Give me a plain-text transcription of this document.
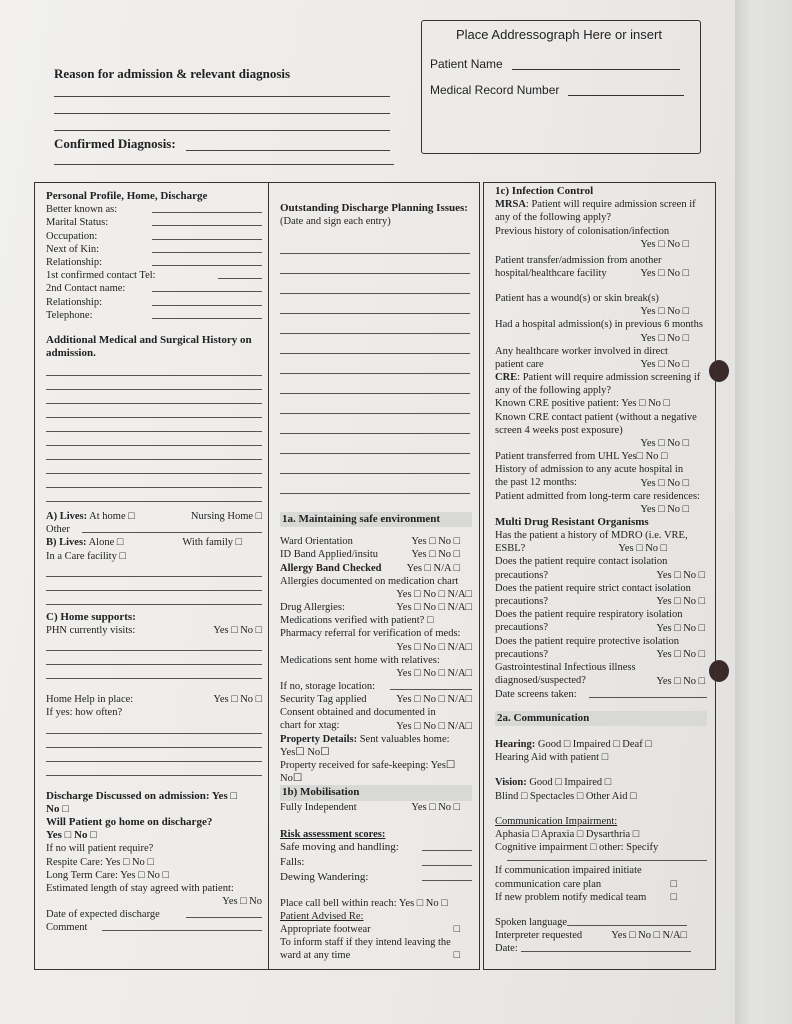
Reason for admission & relevant diagnosis
Confirmed Diagnosis:
Place Addressograph Here or insert
Patient Name
Medical Record Number
Personal Profile, Home, Discharge
Better known as:
Marital Status:
Occupation:
Next of Kin:
Relationship:
1st confirmed contact Tel:
2nd Contact name:
Relationship:
Telephone:
Additional Medical and Surgical History on admission.
A) Lives: At home □	Nursing Home □
Other
B) Lives: Alone □	With family □
In a Care facility □
C) Home supports:
PHN currently visits:	Yes □ No □
Home Help in place:	Yes □ No □
If yes: how often?
Discharge Discussed on admission: Yes □
No □
Will Patient go home on discharge?
Yes □ No □
If no will patient require?
Respite Care: Yes □ No □
Long Term Care: Yes □ No □
Estimated length of stay agreed with patient:
Yes □ No
Date of expected discharge
Comment
Outstanding Discharge Planning Issues:
(Date and sign each entry)
1a. Maintaining safe environment
Ward Orientation	Yes □ No □
ID Band Applied/insitu	Yes □ No □
Allergy Band Checked Yes □ N/A □
Allergies documented on medication chart
Yes □ No □ N/A□
Drug Allergies:	Yes □ No □ N/A□
Medications verified with patient? □
Pharmacy referral for verification of meds:
Yes □ No □ N/A□
Medications sent home with relatives:
Yes □ No □ N/A□
If no, storage location:
Security Tag applied	Yes □ No □ N/A□
Consent obtained and documented in chart for xtag:	Yes □ No □ N/A□
Property Details: Sent valuables home:
Yes☐ No☐
Property received for safe-keeping: Yes☐
No☐
1b) Mobilisation
Fully Independent	Yes □ No □
Risk assessment scores:
Safe moving and handling:
Falls:
Dewing Wandering:
Place call bell within reach: Yes □ No □
Patient Advised Re:
Appropriate footwear	□
To inform staff if they intend leaving the ward at any time	□
1c) Infection Control
MRSA: Patient will require admission screen if any of the following apply?
Previous history of colonisation/infection
Yes □ No □
Patient transfer/admission from another hospital/healthcare facility	Yes □ No □
Patient has a wound(s) or skin break(s)
Yes □ No □
Had a hospital admission(s) in previous 6 months
Yes □ No □
Any healthcare worker involved in direct patient care	Yes □ No □
CRE: Patient will require admission screening if any of the following apply?
Known CRE positive patient: Yes □ No □
Known CRE contact patient (without a negative screen 4 weeks post exposure)
Yes □ No □
Patient transferred from UHL Yes□ No □
History of admission to any acute hospital in the past 12 months:	Yes □ No □
Patient admitted from long-term care residences:
Yes □ No □
Multi Drug Resistant Organisms
Has the patient a history of MDRO (i.e. VRE, ESBL?	Yes □ No □
Does the patient require contact isolation precautions?	Yes □ No □
Does the patient require strict contact isolation precautions?	Yes □ No □
Does the patient require respiratory isolation precautions?	Yes □ No □
Does the patient require protective isolation precautions?	Yes □ No □
Gastrointestinal Infectious illness diagnosed/suspected?	Yes □ No □
Date screens taken:
2a. Communication
Hearing: Good □ Impaired □ Deaf □
Hearing Aid with patient □
Vision: Good □ Impaired □
Blind □ Spectacles □ Other Aid □
Communication Impairment:
Aphasia □ Apraxia □ Dysarthria □
Cognitive impairment □ other: Specify
If communication impaired initiate communication care plan	□
If new problem notify medical team □
Spoken language
Interpreter requested	Yes □ No □ N/A□
Date:
